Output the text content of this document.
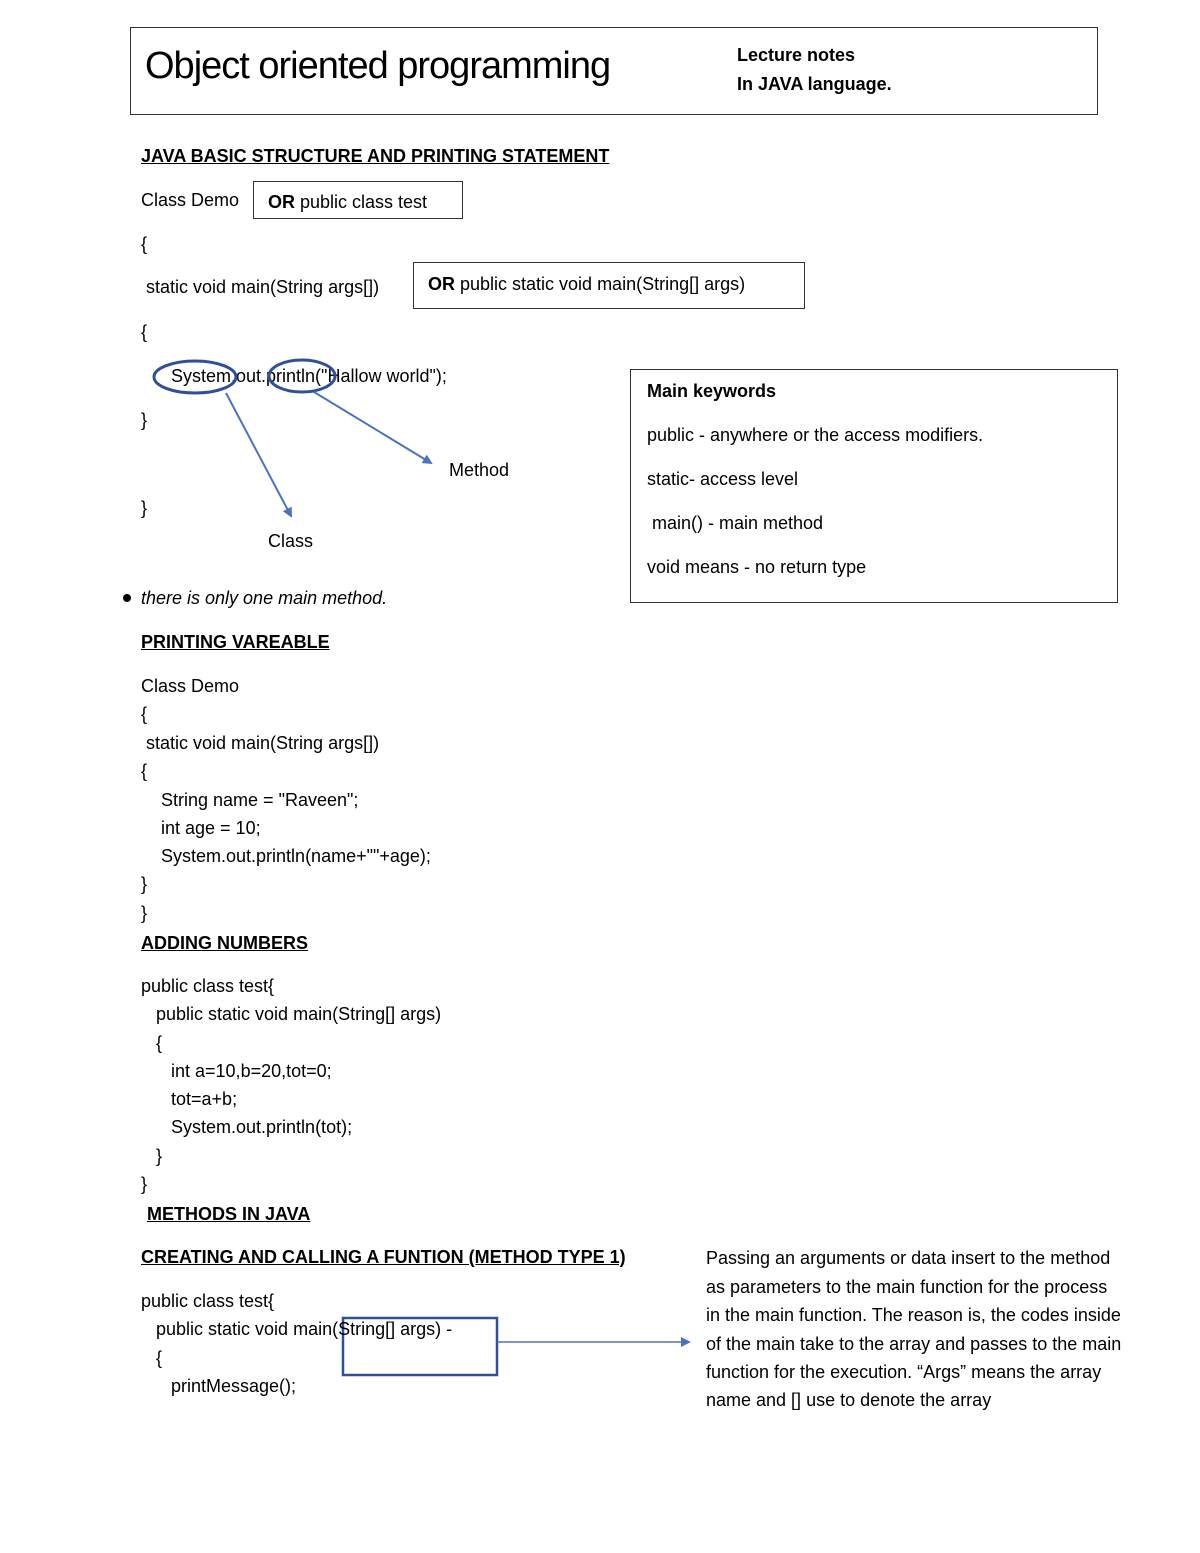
Object oriented programming	Lecture notes
In JAVA language.
JAVA BASIC STRUCTURE AND PRINTING STATEMENT
Class Demo OR public class test
{
static void main(String args[])	OR public static void main(String[] args)
{
System.out.println("Hallow world");
}
}
Method
Class
Main keywords
public - anywhere or the access modifiers.
static- access level
main() - main method
void means - no return type
there is only one main method.
PRINTING VAREABLE
Class Demo
{
static void main(String args[])
{
String name = "Raveen";
int age = 10;
System.out.println(name+""+age);
}
}
ADDING NUMBERS
public class test{
public static void main(String[] args)
{
int a=10,b=20,tot=0;
tot=a+b;
System.out.println(tot);
}
}
METHODS IN JAVA
CREATING AND CALLING A FUNTION (METHOD TYPE 1)
public class test{
public static void main(String[] args) -
{
printMessage();
Passing an arguments or data insert to the method
as parameters to the main function for the process
in the main function. The reason is, the codes inside
of the main take to the array and passes to the main
function for the execution. “Args” means the array
name and [] use to denote the array
